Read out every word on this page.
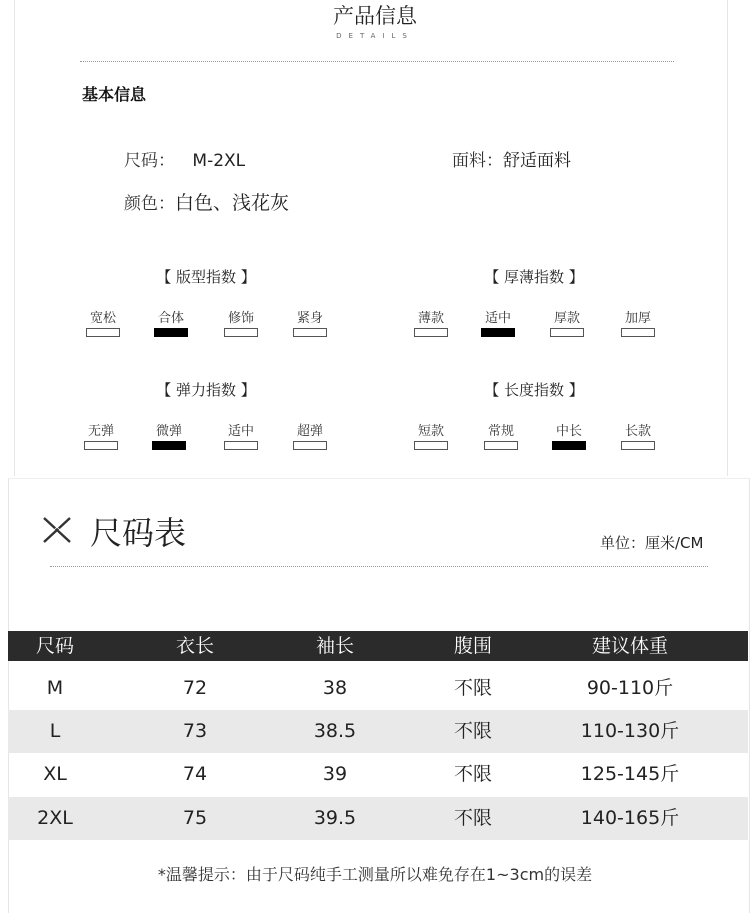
产品信息
DETAILS
基本信息
尺码： M-2XL	面料：舒适面料
颜色：白色、浅花灰
【 版型指数 】
宽松	合体	修饰	紧身
【 厚薄指数 】
薄款	适中	厚款	加厚
【 弹力指数 】
无弹	微弹	适中	超弹
【 长度指数 】
短款	常规	中长	长款
尺码表	单位：厘米/CM
尺码	衣长	袖长	腹围	建议体重
M	72	38	不限	90-110斤
L	73	38.5	不限	110-130斤
XL	74	39	不限	125-145斤
2XL	75	39.5	不限	140-165斤
*温馨提示：由于尺码纯手工测量所以难免存在1~3cm的误差
